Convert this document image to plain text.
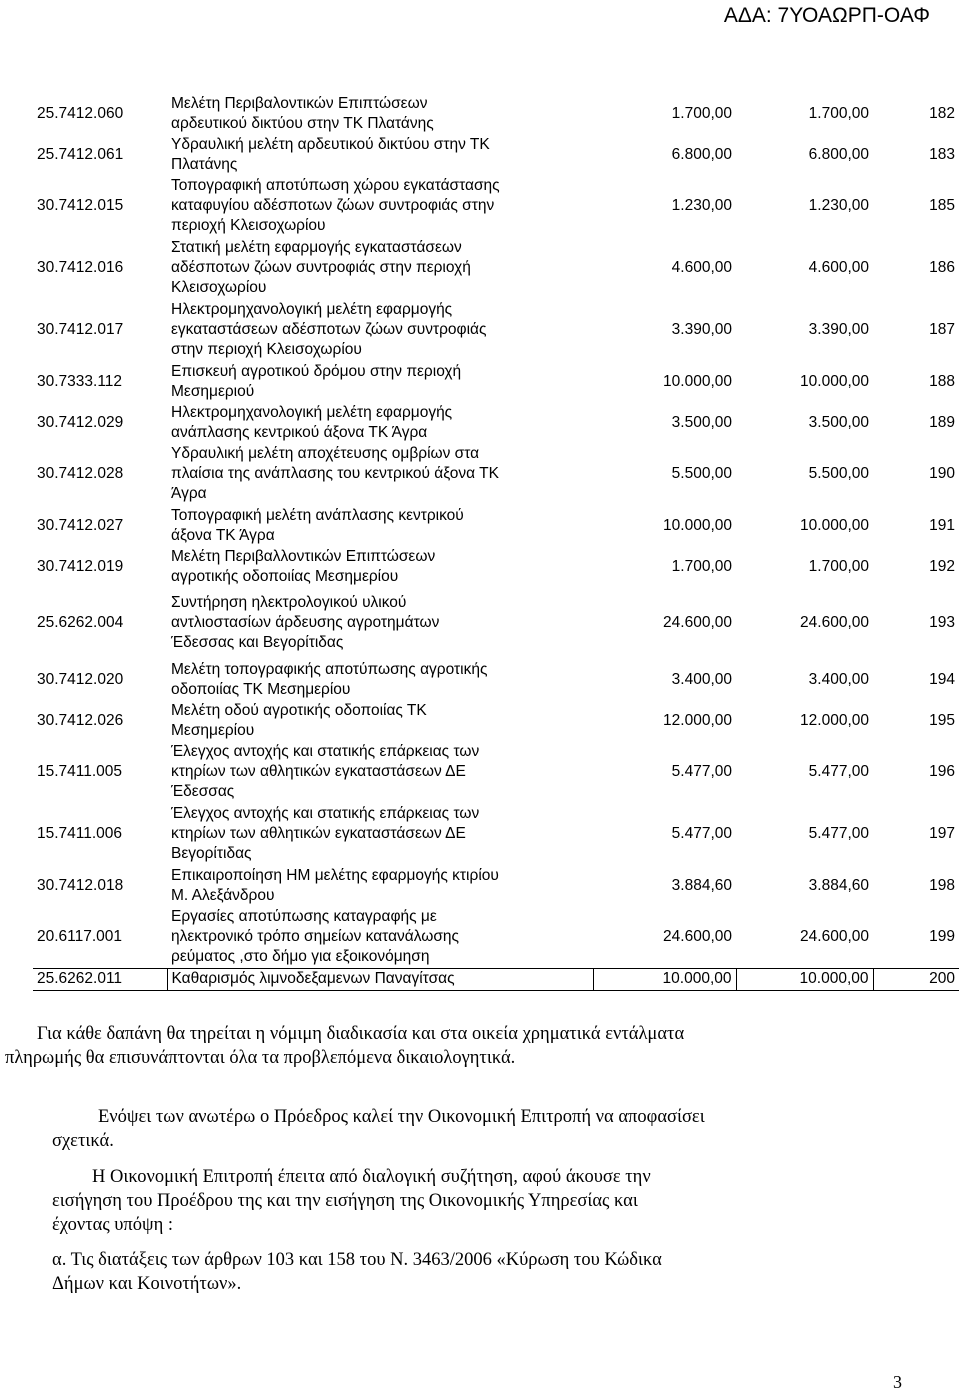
ΑΔΑ: 7ΥΟΑΩΡΠ-ΟΑΦ
25.7412.060	Μελέτη Περιβαλοντικών Επιπτώσεων
αρδευτικού δικτύου στην ΤΚ Πλατάνης	1.700,00	1.700,00	182
25.7412.061	Υδραυλική μελέτη αρδευτικού δικτύου στην ΤΚ
Πλατάνης	6.800,00	6.800,00	183
30.7412.015	Τοπογραφική αποτύπωση χώρου εγκατάστασης
καταφυγίου αδέσποτων ζώων συντροφιάς στην
περιοχή Κλεισοχωρίου	1.230,00	1.230,00	185
30.7412.016	Στατική μελέτη εφαρμογής εγκαταστάσεων
αδέσποτων ζώων συντροφιάς στην περιοχή
Κλεισοχωρίου	4.600,00	4.600,00	186
30.7412.017	Ηλεκτρομηχανολογική μελέτη εφαρμογής
εγκαταστάσεων αδέσποτων ζώων συντροφιάς
στην περιοχή Κλεισοχωρίου	3.390,00	3.390,00	187
30.7333.112	Επισκευή αγροτικού δρόμου στην περιοχή
Μεσημεριού	10.000,00	10.000,00	188
30.7412.029	Ηλεκτρομηχανολογική μελέτη εφαρμογής
ανάπλασης κεντρικού άξονα ΤΚ Άγρα	3.500,00	3.500,00	189
30.7412.028	Υδραυλική μελέτη αποχέτευσης ομβρίων στα
πλαίσια της ανάπλασης του κεντρικού άξονα ΤΚ
Άγρα	5.500,00	5.500,00	190
30.7412.027	Τοπογραφική μελέτη ανάπλασης κεντρικού
άξονα ΤΚ Άγρα	10.000,00	10.000,00	191
30.7412.019	Μελέτη Περιβαλλοντικών Επιπτώσεων
αγροτικής οδοποιίας Μεσημερίου	1.700,00	1.700,00	192
25.6262.004	Συντήρηση ηλεκτρολογικού υλικού
αντλιοστασίων άρδευσης αγροτημάτων
Έδεσσας και Βεγορίτιδας	24.600,00	24.600,00	193
30.7412.020	Μελέτη τοπογραφικής αποτύπωσης αγροτικής
οδοποιίας ΤΚ Μεσημερίου	3.400,00	3.400,00	194
30.7412.026	Μελέτη οδού αγροτικής οδοποιίας ΤΚ
Μεσημερίου	12.000,00	12.000,00	195
15.7411.005	Έλεγχος αντοχής και στατικής επάρκειας των
κτηρίων των αθλητικών εγκαταστάσεων ΔΕ
Έδεσσας	5.477,00	5.477,00	196
15.7411.006	Έλεγχος αντοχής και στατικής επάρκειας των
κτηρίων των αθλητικών εγκαταστάσεων ΔΕ
Βεγορίτιδας	5.477,00	5.477,00	197
30.7412.018	Επικαιροποίηση ΗΜ μελέτης εφαρμογής κτιρίου
Μ. Αλεξάνδρου	3.884,60	3.884,60	198
20.6117.001	Εργασίες αποτύπωσης καταγραφής με
ηλεκτρονικό τρόπο σημείων κατανάλωσης
ρεύματος ,στο δήμο για εξοικονόμηση	24.600,00	24.600,00	199
25.6262.011	Καθαρισμός λιμνοδεξαμενων Παναγίτσας	10.000,00	10.000,00	200

Για κάθε δαπάνη θα τηρείται η νόμιμη διαδικασία και στα οικεία χρηματικά εντάλματα
πληρωμής θα επισυνάπτονται όλα τα προβλεπόμενα δικαιολογητικά.

Ενόψει των ανωτέρω ο Πρόεδρος καλεί την Οικονομική Επιτροπή να αποφασίσει
σχετικά.

Η Οικονομική Επιτροπή έπειτα από διαλογική συζήτηση, αφού άκουσε την
εισήγηση του Προέδρου της και την εισήγηση της Οικονομικής Υπηρεσίας και
έχοντας υπόψη :

α. Τις διατάξεις των άρθρων 103 και 158 του Ν. 3463/2006 «Κύρωση του Κώδικα
Δήμων και Κοινοτήτων».

3
